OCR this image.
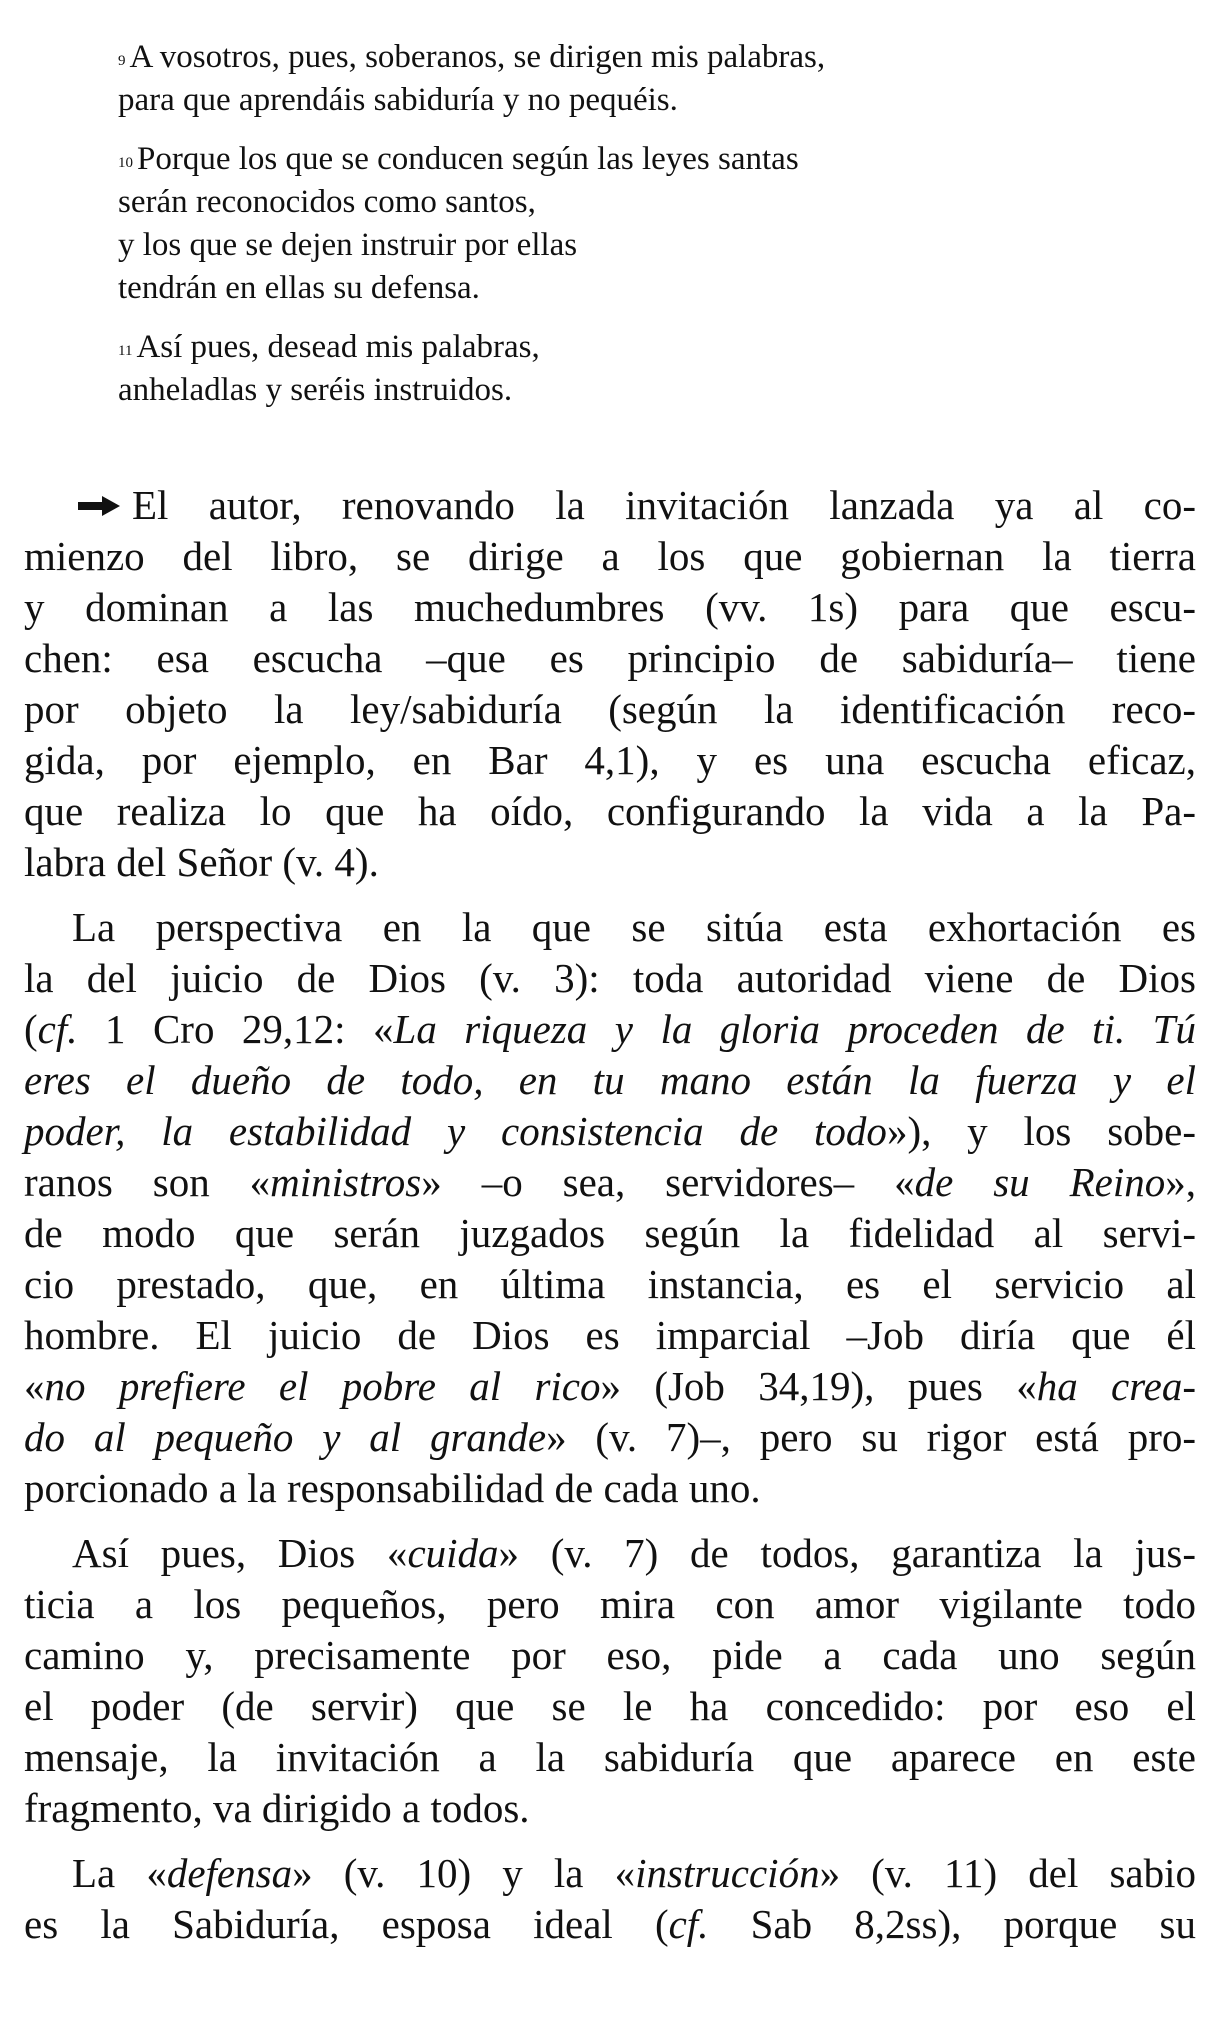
$^9$ A vosotros, pues, soberanos, se dirigen mis palabras,
para que aprendáis sabiduría y no pequéis.
$^{10}$ Porque los que se conducen según las leyes santas
serán reconocidos como santos,
y los que se dejen instruir por ellas
tendrán en ellas su defensa.
$^{11}$ Así pues, desead mis palabras,
anheladlas y seréis instruidos.
El autor, renovando la invitación lanzada ya al co-
mienzo del libro, se dirige a los que gobiernan la tierra
y dominan a las muchedumbres (vv. 1s) para que escu-
chen: esa escucha –que es principio de sabiduría– tiene
por objeto la ley/sabiduría (según la identificación reco-
gida, por ejemplo, en Bar 4,1), y es una escucha eficaz,
que realiza lo que ha oído, configurando la vida a la Pa-
labra del Señor (v. 4).
La perspectiva en la que se sitúa esta exhortación es
la del juicio de Dios (v. 3): toda autoridad viene de Dios
(cf. 1 Cro 29,12: «La riqueza y la gloria proceden de ti. Tú
eres el dueño de todo, en tu mano están la fuerza y el
poder, la estabilidad y consistencia de todo»), y los sobe-
ranos son «ministros» –o sea, servidores– «de su Reino»,
de modo que serán juzgados según la fidelidad al servi-
cio prestado, que, en última instancia, es el servicio al
hombre. El juicio de Dios es imparcial –Job diría que él
«no prefiere el pobre al rico» (Job 34,19), pues «ha crea-
do al pequeño y al grande» (v. 7)–, pero su rigor está pro-
porcionado a la responsabilidad de cada uno.
Así pues, Dios «cuida» (v. 7) de todos, garantiza la jus-
ticia a los pequeños, pero mira con amor vigilante todo
camino y, precisamente por eso, pide a cada uno según
el poder (de servir) que se le ha concedido: por eso el
mensaje, la invitación a la sabiduría que aparece en este
fragmento, va dirigido a todos.
La «defensa» (v. 10) y la «instrucción» (v. 11) del sabio
es la Sabiduría, esposa ideal (cf. Sab 8,2ss), porque su
